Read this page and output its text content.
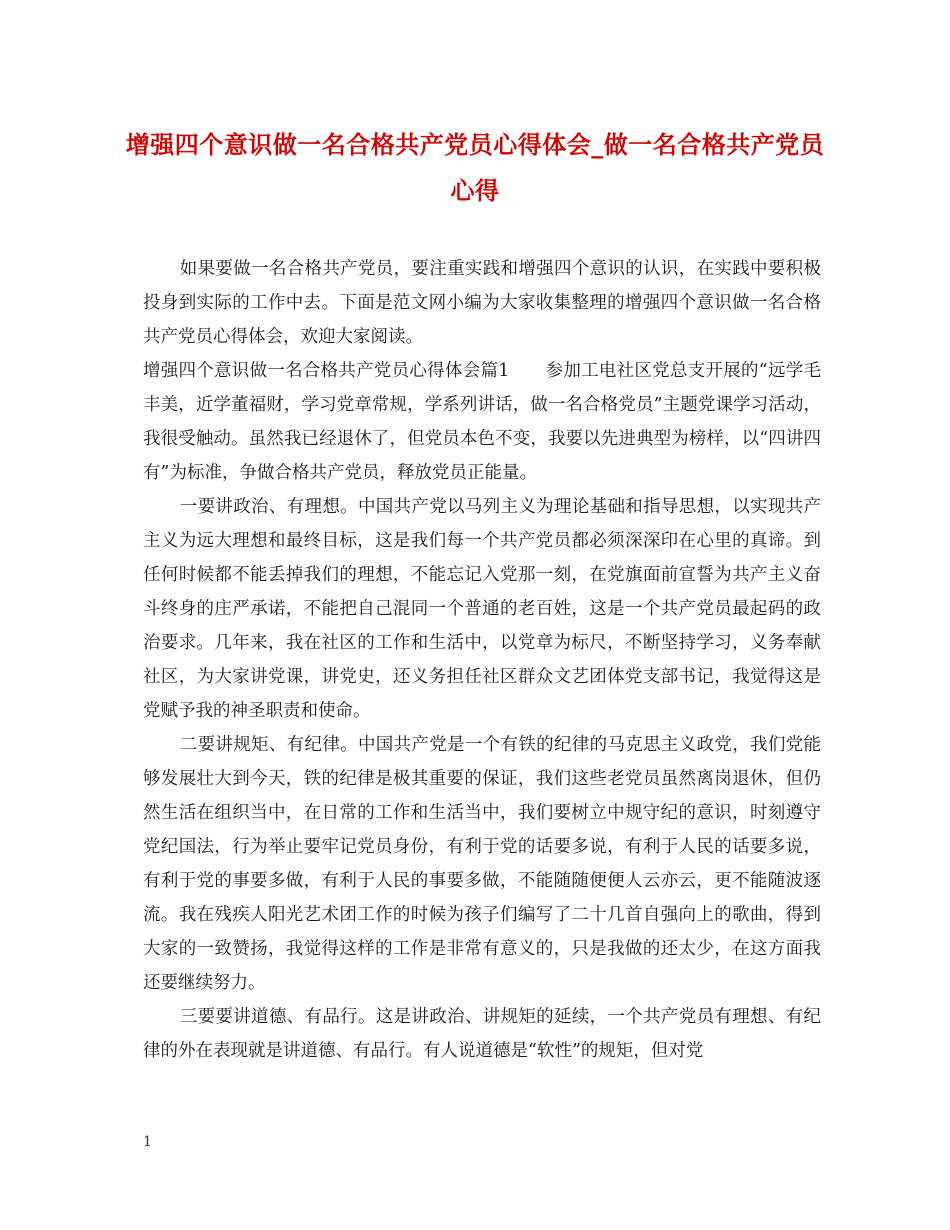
增强四个意识做一名合格共产党员心得体会_做一名合格共产党员心得

如果要做一名合格共产党员，要注重实践和增强四个意识的认识，在实践中要积极投身到实际的工作中去。下面是范文网小编为大家收集整理的增强四个意识做一名合格共产党员心得体会，欢迎大家阅读。

增强四个意识做一名合格共产党员心得体会篇1 参加工电社区党总支开展的“远学毛丰美，近学董福财，学习党章常规，学系列讲话，做一名合格党员”主题党课学习活动，我很受触动。虽然我已经退休了，但党员本色不变，我要以先进典型为榜样，以“四讲四有”为标准，争做合格共产党员，释放党员正能量。

一要讲政治、有理想。中国共产党以马列主义为理论基础和指导思想，以实现共产主义为远大理想和最终目标，这是我们每一个共产党员都必须深深印在心里的真谛。到任何时候都不能丢掉我们的理想，不能忘记入党那一刻，在党旗面前宣誓为共产主义奋斗终身的庄严承诺，不能把自己混同一个普通的老百姓，这是一个共产党员最起码的政治要求。几年来，我在社区的工作和生活中，以党章为标尺，不断坚持学习，义务奉献社区，为大家讲党课，讲党史，还义务担任社区群众文艺团体党支部书记，我觉得这是党赋予我的神圣职责和使命。

二要讲规矩、有纪律。中国共产党是一个有铁的纪律的马克思主义政党，我们党能够发展壮大到今天，铁的纪律是极其重要的保证，我们这些老党员虽然离岗退休，但仍然生活在组织当中，在日常的工作和生活当中，我们要树立中规守纪的意识，时刻遵守党纪国法，行为举止要牢记党员身份，有利于党的话要多说，有利于人民的话要多说，有利于党的事要多做，有利于人民的事要多做，不能随随便便人云亦云，更不能随波逐流。我在残疾人阳光艺术团工作的时候为孩子们编写了二十几首自强向上的歌曲，得到大家的一致赞扬，我觉得这样的工作是非常有意义的，只是我做的还太少，在这方面我还要继续努力。

三要要讲道德、有品行。这是讲政治、讲规矩的延续，一个共产党员有理想、有纪律的外在表现就是讲道德、有品行。有人说道德是“软性”的规矩，但对党

1
